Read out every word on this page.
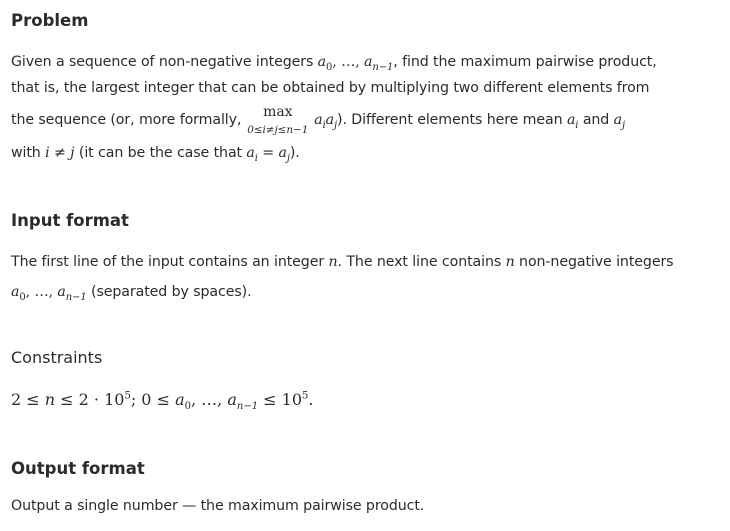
Problem
Given a sequence of non-negative integers $a_0$, …, $a_{n-1}$, find the maximum pairwise product,
that is, the largest integer that can be obtained by multiplying two different elements from
the sequence (or, more formally,	max
0≤i≠j≤n−1
$a_ia_j$). Different elements here mean $a_i$ and $a_j$
with i ≠ j (it can be the case that $a_i = a_j$).
Input format
The first line of the input contains an integer n. The next line contains n non-negative integers
$a_0$, …, $a_{n-1}$ (separated by spaces).
Constraints
$2 \le n \le 2 \cdot 10^5$; $0 \le a_0$, …, $a_{n-1} \le 10^5$.
Output format
Output a single number — the maximum pairwise product.
